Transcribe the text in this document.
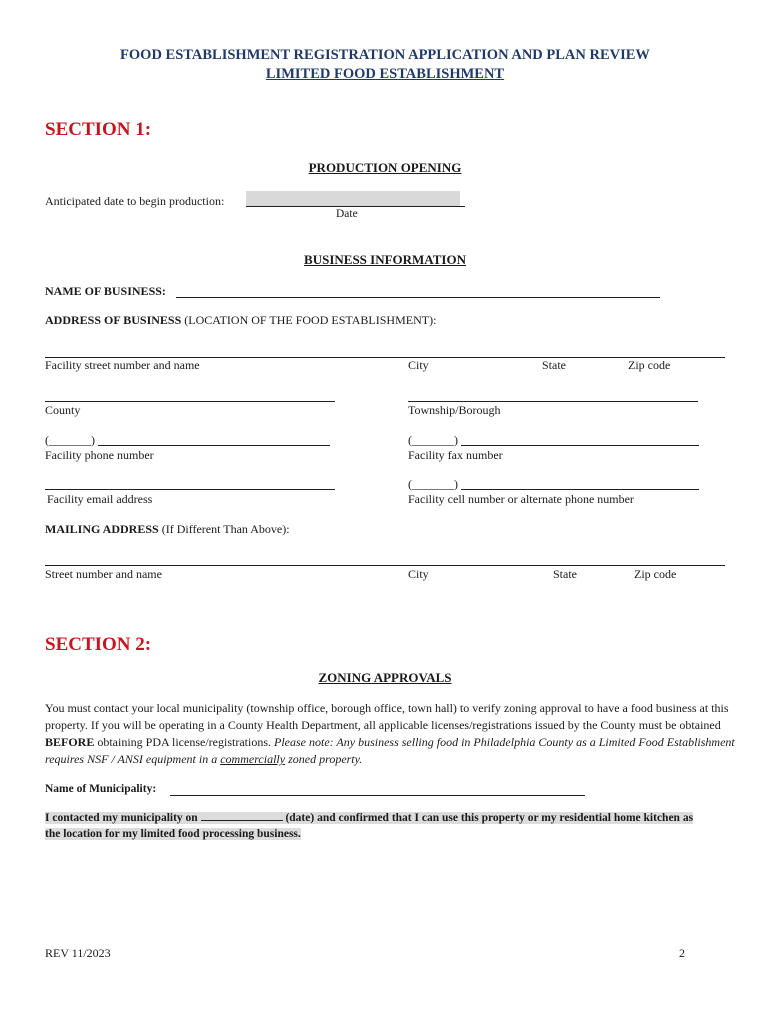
FOOD ESTABLISHMENT REGISTRATION APPLICATION AND PLAN REVIEW
LIMITED FOOD ESTABLISHMENT
SECTION 1:
PRODUCTION OPENING
Anticipated date to begin production:
Date
BUSINESS INFORMATION
NAME OF BUSINESS:
ADDRESS OF BUSINESS (LOCATION OF THE FOOD ESTABLISHMENT):
Facility street number and name	City	State	Zip code
County	Township/Borough
(_______)
Facility phone number
(_______)
Facility fax number
Facility email address
(_______)
Facility cell number or alternate phone number
MAILING ADDRESS (If Different Than Above):
Street number and name	City	State	Zip code
SECTION 2:
ZONING APPROVALS
You must contact your local municipality (township office, borough office, town hall) to verify zoning approval to have a food business at this property. If you will be operating in a County Health Department, all applicable licenses/registrations issued by the County must be obtained BEFORE obtaining PDA license/registrations. Please note: Any business selling food in Philadelphia County as a Limited Food Establishment requires NSF / ANSI equipment in a commercially zoned property.
Name of Municipality:
I contacted my municipality on	(date) and confirmed that I can use this property or my residential home kitchen as the location for my limited food processing business.
REV 11/2023	2
